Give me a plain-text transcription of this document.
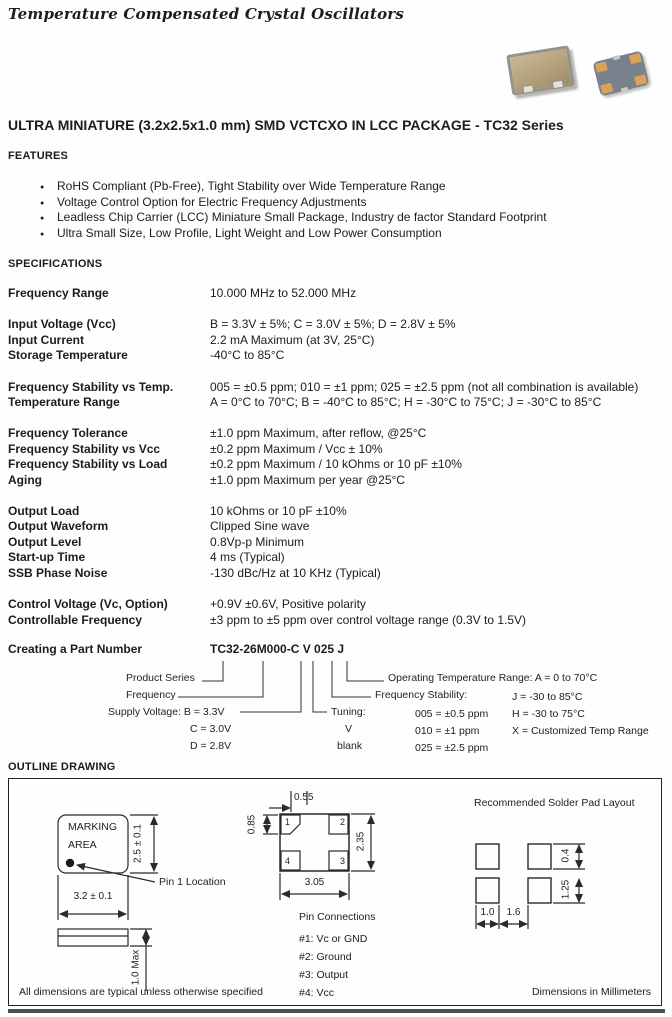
Temperature Compensated Crystal Oscillators
ULTRA MINIATURE (3.2x2.5x1.0 mm) SMD VCTCXO IN LCC PACKAGE - TC32 Series
FEATURES
● RoHS Compliant (Pb-Free), Tight Stability over Wide Temperature Range
● Voltage Control Option for Electric Frequency Adjustments
● Leadless Chip Carrier (LCC) Miniature Small Package, Industry de factor Standard Footprint
● Ultra Small Size, Low Profile, Light Weight and Low Power Consumption
SPECIFICATIONS
Frequency Range	10.000 MHz to 52.000 MHz
Input Voltage (Vcc)	B = 3.3V ± 5%; C = 3.0V ± 5%; D = 2.8V ± 5%
Input Current	2.2 mA Maximum (at 3V, 25°C)
Storage Temperature	-40°C to 85°C
Frequency Stability vs Temp.	005 = ±0.5 ppm; 010 = ±1 ppm; 025 = ±2.5 ppm (not all combination is available)
Temperature Range	A = 0°C to 70°C; B = -40°C to 85°C; H = -30°C to 75°C; J = -30°C to 85°C
Frequency Tolerance	±1.0 ppm Maximum, after reflow, @25°C
Frequency Stability vs Vcc	±0.2 ppm Maximum / Vcc ± 10%
Frequency Stability vs Load	±0.2 ppm Maximum / 10 kOhms or 10 pF ±10%
Aging	±1.0 ppm Maximum per year @25°C
Output Load	10 kOhms or 10 pF ±10%
Output Waveform	Clipped Sine wave
Output Level	0.8Vp-p Minimum
Start-up Time	4 ms (Typical)
SSB Phase Noise	-130 dBc/Hz at 10 KHz (Typical)
Control Voltage (Vc, Option)	+0.9V ±0.6V, Positive polarity
Controllable Frequency	±3 ppm to ±5 ppm over control voltage range (0.3V to 1.5V)
Creating a Part Number	TC32-26M000-C V 025 J
Product Series
Frequency
Supply Voltage: B = 3.3V
C = 3.0V
D = 2.8V
Tuning:
V
blank
Frequency Stability:
005 = ±0.5 ppm
010 = ±1 ppm
025 = ±2.5 ppm
Operating Temperature Range: A = 0 to 70°C
J = -30 to 85°C
H = -30 to 75°C
X = Customized Temp Range
OUTLINE DRAWING
MARKING
AREA	2.5 ± 0.1
3.2 ± 0.1
Pin 1 Location
1.0 Max
1	2
3
4
0.55
0.85
2.35
3.05
Pin Connections
#1: Vc or GND
#2: Ground
#3: Output
#4: Vcc
Recommended Solder Pad Layout
0.4
1.25
1.0	1.6
All dimensions are typical unless otherwise specified	Dimensions in Millimeters
